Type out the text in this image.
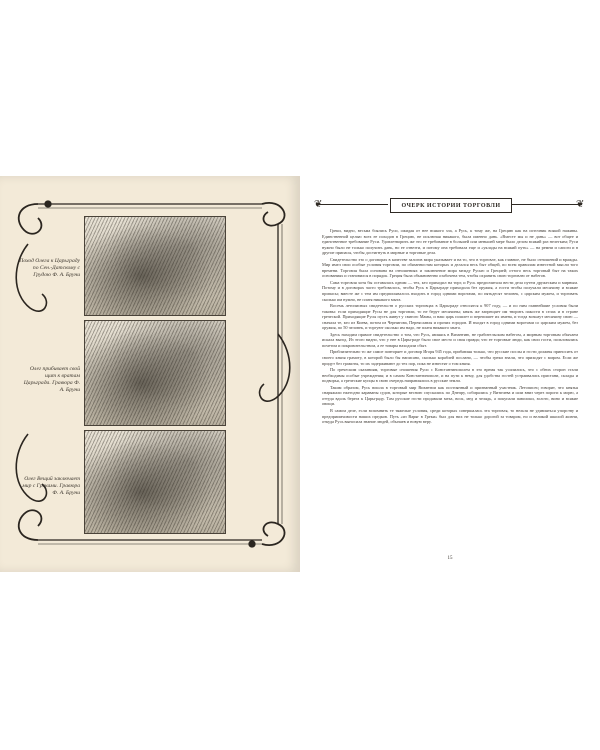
Поход Олега к Царьграду по Сен.-Датскому с Грудою Ф. А. Бруни
Олег прибивает свой щит к вратам Царьграда. Гравюра Ф. А. Бруни
Олег Вещий заключает мир с Греками. Гравюра Ф. А. Бруни
❦	❦
ОЧЕРК ИСТОРИИ ТОРГОВЛИ

Греки, видно, весьма боялись Руси, ожидая от нее всякого зла, а Русь, к тому же, на Грецию как на источник всякой наживы. Единственной целью всех ее походов в Грецию, не исключая никакого, была именно дань. «Вместе мы и не дань» — вот общее и единственное требование Руси. Удовлетворить же это ее требование в большей или меньшей мере было делом всякий раз нелегким; Руси нужно было не только получить дань, но ее отвезти, и потому она требовала еще и «уклады на всякий путь» — на ремни и сапоги и в другие припасы, чтобы достигнуть в мирные и торговые дела.

Свидетельство это о договорах в качестве залогов мира указывает и на то, что в торговле, как главное, не было отношений и вражды. Мир имел свои особые условия торговли, по обязанностям которых и делался весь быт общей, по всем правилам известной мысли того времени. Торговля была основана на отношениях и заключение мира между Русью и Грецией; оттого весь торговый быт на таких основаниях и становился в порядок. Греция была обыкновенно озабочена тем, чтобы охранить свою торговлю от набегов.

Сама торговля хотя бы оставалась одним — тех, кто приходил на торг, и Русь предпочитала вести дела путем дружеским и мирным. Потому и в договорах часто требовалось, чтобы Русь в Царьграде приходила без оружия, а гости чтобы получали месячину и всякие припасы; вместе же с тем им предписывалось входить в город одними воротами, по пятьдесят человек, с царским мужем, и торговать сколько им нужно, не платя никакого мыта.

Восемь летописных свидетельств о русских торговцах в Царьграде относятся к 907 году, — и по ним главнейшие условия были таковы: если приходящие Русы не для торговли, то не берут месячины; князь же запрещает им творить пакости в селах и в стране греческой. Приходящие Русы пусть живут у святого Мамы, и наш царь пошлет и перепишет их имена, и тогда возьмут месячину свою — сначала те, кто из Киева, потом из Чернигова, Переяславля и прочих городов. И входят в город одними воротами со царским мужем, без оружия, по 50 человек, и торгуют сколько им надо, не платя никакого мыта.

Здесь находим прямое свидетельство о том, что Русь, являясь в Византию, не грабительским набегом, а мирным торговым обычаем искала выгод. Из этого видно, что у нее в Царьграде было свое место и своя правда; что ее торговые люди, как свои гости, пользовались почетом и покровительством, а ее товары находили сбыт.

Приблизительно то же самое повторяет и договор Игоря 945 года, прибавляя только, что русские послы и гости должны приносить от своего князя грамоту, в которой было бы написано, сколько кораблей послано, — чтобы греки знали, что приходят с миром. Если же придут без грамоты, то их задерживают до тех пор, пока не известят о том князя.

По греческим сказаниям, торговые сношения Руси с Константинополем в это время так усилились, что с обеих сторон стали необходимы особые учреждения; и в самом Константинополе, и на пути к нему, для удобства гостей устраивались пристани, склады и подворья, а греческие купцы в свою очередь направлялись в русские земли.

Таким образом, Русь вошла в торговый мир Византии как постоянный и признанный участник. Летописец говорит, что князья снаряжали ежегодно караваны судов, которые весною спускались по Днепру, собирались у Витичева и шли вниз через пороги к морю, а оттуда вдоль берега к Царьграду. Там русские гости продавали меха, воск, мед и челядь, а покупали паволоки, золото, вино и всякие овощи.

В самом деле, если вспомнить те тяжелые условия, среди которых совершалась эта торговля, то нельзя не удивляться упорству и предприимчивости наших предков. Путь «из Варяг в Греки» был для них не только дорогой за товаром, но и великой школой жизни, откуда Русь выносила знание людей, обычаев и новую веру.

15
